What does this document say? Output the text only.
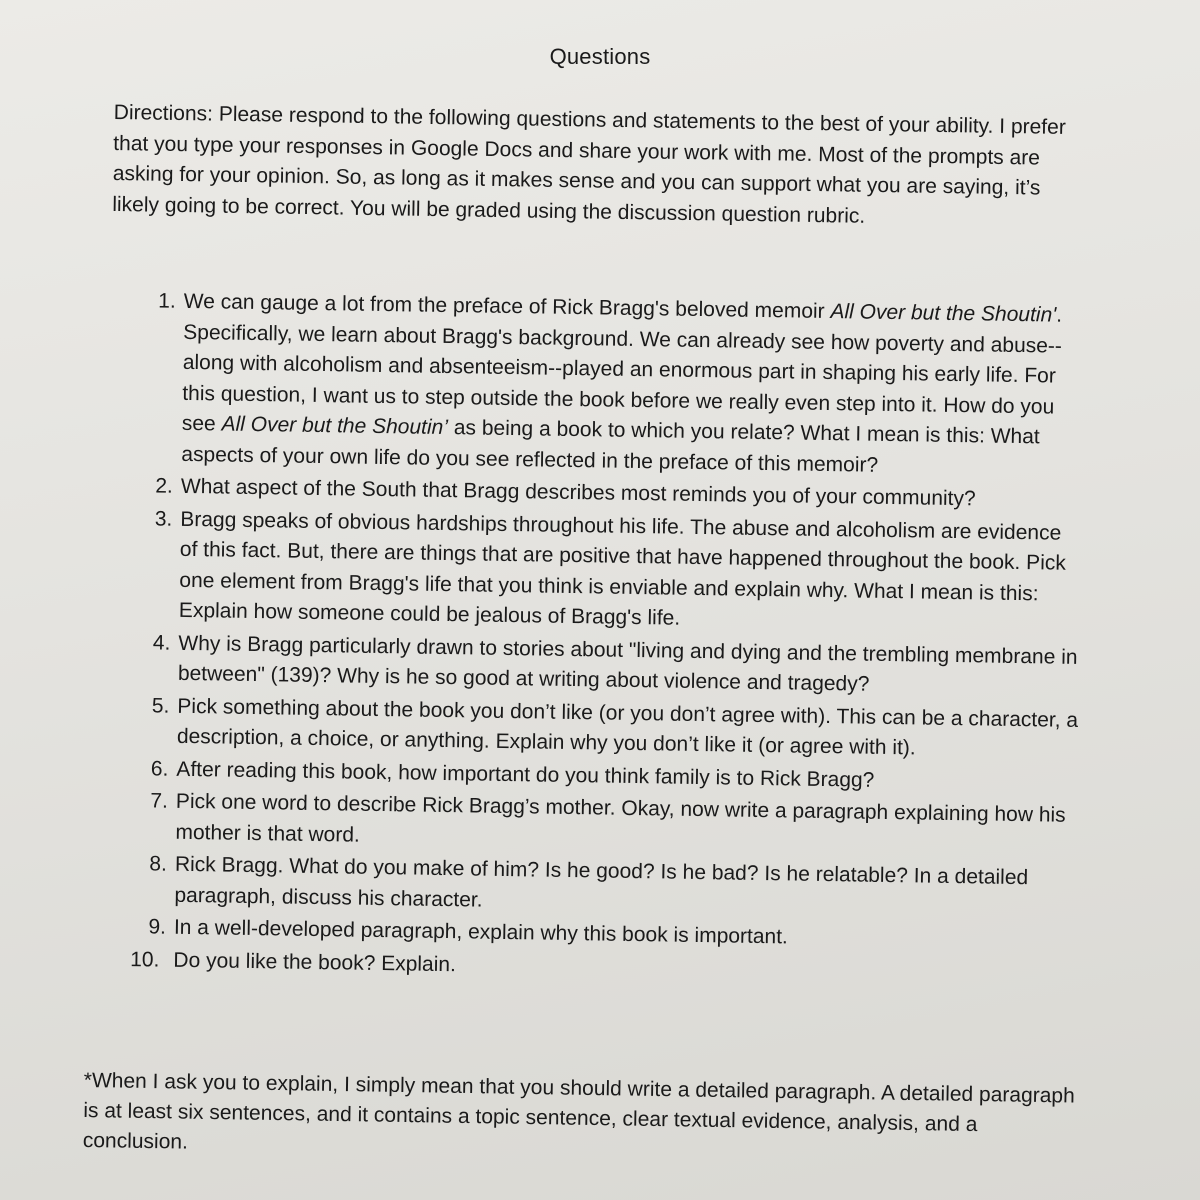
Questions
Directions: Please respond to the following questions and statements to the best of your ability. I prefer that you type your responses in Google Docs and share your work with me. Most of the prompts are asking for your opinion. So, as long as it makes sense and you can support what you are saying, it’s likely going to be correct. You will be graded using the discussion question rubric.
1. We can gauge a lot from the preface of Rick Bragg's beloved memoir All Over but the Shoutin'. Specifically, we learn about Bragg's background. We can already see how poverty and abuse--along with alcoholism and absenteeism--played an enormous part in shaping his early life. For this question, I want us to step outside the book before we really even step into it. How do you see All Over but the Shoutin’ as being a book to which you relate? What I mean is this: What aspects of your own life do you see reflected in the preface of this memoir?
2. What aspect of the South that Bragg describes most reminds you of your community?
3. Bragg speaks of obvious hardships throughout his life. The abuse and alcoholism are evidence of this fact. But, there are things that are positive that have happened throughout the book. Pick one element from Bragg's life that you think is enviable and explain why. What I mean is this: Explain how someone could be jealous of Bragg's life.
4. Why is Bragg particularly drawn to stories about "living and dying and the trembling membrane in between" (139)? Why is he so good at writing about violence and tragedy?
5. Pick something about the book you don’t like (or you don’t agree with). This can be a character, a description, a choice, or anything. Explain why you don’t like it (or agree with it).
6. After reading this book, how important do you think family is to Rick Bragg?
7. Pick one word to describe Rick Bragg’s mother. Okay, now write a paragraph explaining how his mother is that word.
8. Rick Bragg. What do you make of him? Is he good? Is he bad? Is he relatable? In a detailed paragraph, discuss his character.
9. In a well-developed paragraph, explain why this book is important.
10. Do you like the book? Explain.
*When I ask you to explain, I simply mean that you should write a detailed paragraph. A detailed paragraph is at least six sentences, and it contains a topic sentence, clear textual evidence, analysis, and a conclusion.
